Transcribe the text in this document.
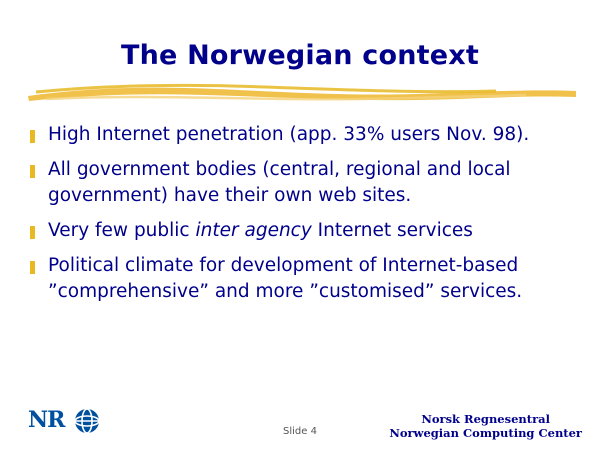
The Norwegian context
High Internet penetration (app. 33% users Nov. 98).
All government bodies (central, regional and local government) have their own web sites.
Very few public inter agency Internet services
Political climate for development of Internet-based ”comprehensive” and more ”customised” services.
NR	Slide 4
Norsk Regnesentral
Norwegian Computing Center
